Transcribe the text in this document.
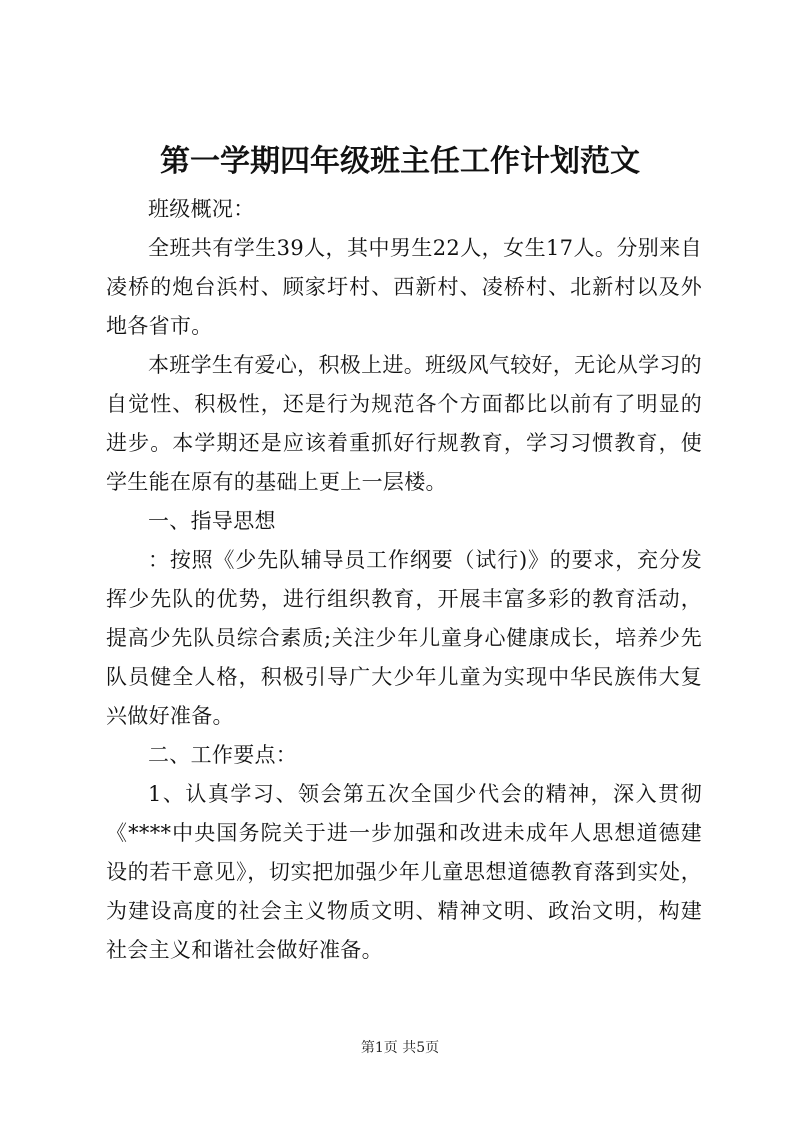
第一学期四年级班主任工作计划范文

班级概况：

全班共有学生39人，其中男生22人，女生17人。分别来自凌桥的炮台浜村、顾家圩村、西新村、凌桥村、北新村以及外地各省市。

本班学生有爱心，积极上进。班级风气较好，无论从学习的自觉性、积极性，还是行为规范各个方面都比以前有了明显的进步。本学期还是应该着重抓好行规教育，学习习惯教育，使学生能在原有的基础上更上一层楼。

一、指导思想

：按照《少先队辅导员工作纲要（试行)》的要求，充分发挥少先队的优势，进行组织教育，开展丰富多彩的教育活动，提高少先队员综合素质;关注少年儿童身心健康成长，培养少先队员健全人格，积极引导广大少年儿童为实现中华民族伟大复兴做好准备。

二、工作要点：

1、认真学习、领会第五次全国少代会的精神，深入贯彻《****中央国务院关于进一步加强和改进未成年人思想道德建设的若干意见》，切实把加强少年儿童思想道德教育落到实处，为建设高度的社会主义物质文明、精神文明、政治文明，构建社会主义和谐社会做好准备。

第1页 共5页
